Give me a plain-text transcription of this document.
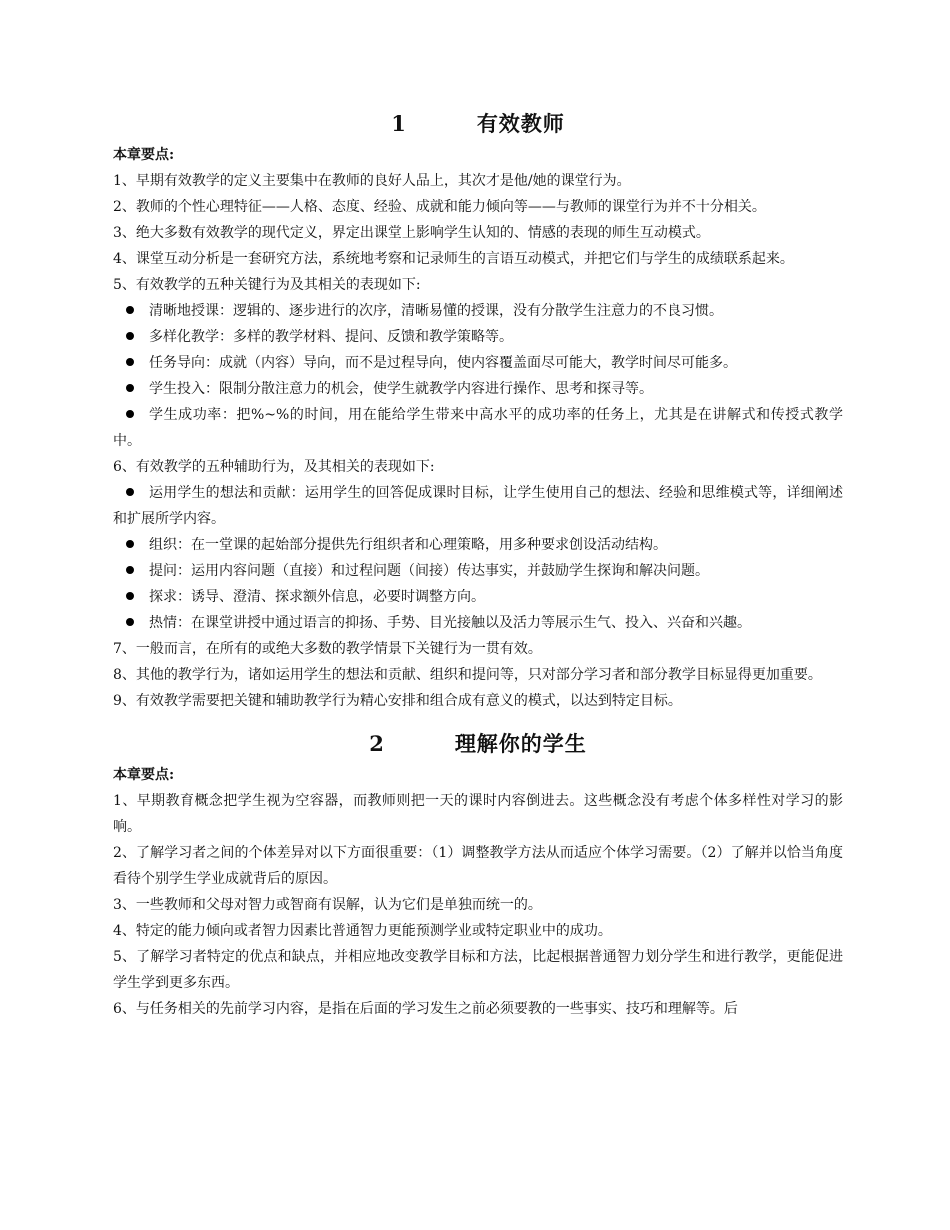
1	有效教师

本章要点:

1、早期有效教学的定义主要集中在教师的良好人品上，其次才是他/她的课堂行为。

2、教师的个性心理特征——人格、态度、经验、成就和能力倾向等——与教师的课堂行为并不十分相关。

3、绝大多数有效教学的现代定义，界定出课堂上影响学生认知的、情感的表现的师生互动模式。

4、课堂互动分析是一套研究方法，系统地考察和记录师生的言语互动模式，并把它们与学生的成绩联系起来。

5、有效教学的五种关键行为及其相关的表现如下:

清晰地授课：逻辑的、逐步进行的次序，清晰易懂的授课，没有分散学生注意力的不良习惯。

多样化教学：多样的教学材料、提问、反馈和教学策略等。

任务导向：成就（内容）导向，而不是过程导向，使内容覆盖面尽可能大，教学时间尽可能多。

学生投入：限制分散注意力的机会，使学生就教学内容进行操作、思考和探寻等。

学生成功率：把%~%的时间，用在能给学生带来中高水平的成功率的任务上，尤其是在讲解式和传授式教学中。

6、有效教学的五种辅助行为，及其相关的表现如下:

运用学生的想法和贡献：运用学生的回答促成课时目标，让学生使用自己的想法、经验和思维模式等，详细阐述和扩展所学内容。

组织：在一堂课的起始部分提供先行组织者和心理策略，用多种要求创设活动结构。

提问：运用内容问题（直接）和过程问题（间接）传达事实，并鼓励学生探询和解决问题。

探求：诱导、澄清、探求额外信息，必要时调整方向。

热情：在课堂讲授中通过语言的抑扬、手势、目光接触以及活力等展示生气、投入、兴奋和兴趣。

7、一般而言，在所有的或绝大多数的教学情景下关键行为一贯有效。

8、其他的教学行为，诸如运用学生的想法和贡献、组织和提问等，只对部分学习者和部分教学目标显得更加重要。

9、有效教学需要把关键和辅助教学行为精心安排和组合成有意义的模式，以达到特定目标。

2	理解你的学生

本章要点:

1、早期教育概念把学生视为空容器，而教师则把一天的课时内容倒进去。这些概念没有考虑个体多样性对学习的影响。

2、了解学习者之间的个体差异对以下方面很重要：（1）调整教学方法从而适应个体学习需要。（2）了解并以恰当角度看待个别学生学业成就背后的原因。

3、一些教师和父母对智力或智商有误解，认为它们是单独而统一的。

4、特定的能力倾向或者智力因素比普通智力更能预测学业或特定职业中的成功。

5、了解学习者特定的优点和缺点，并相应地改变教学目标和方法，比起根据普通智力划分学生和进行教学，更能促进学生学到更多东西。

6、与任务相关的先前学习内容，是指在后面的学习发生之前必须要教的一些事实、技巧和理解等。后
